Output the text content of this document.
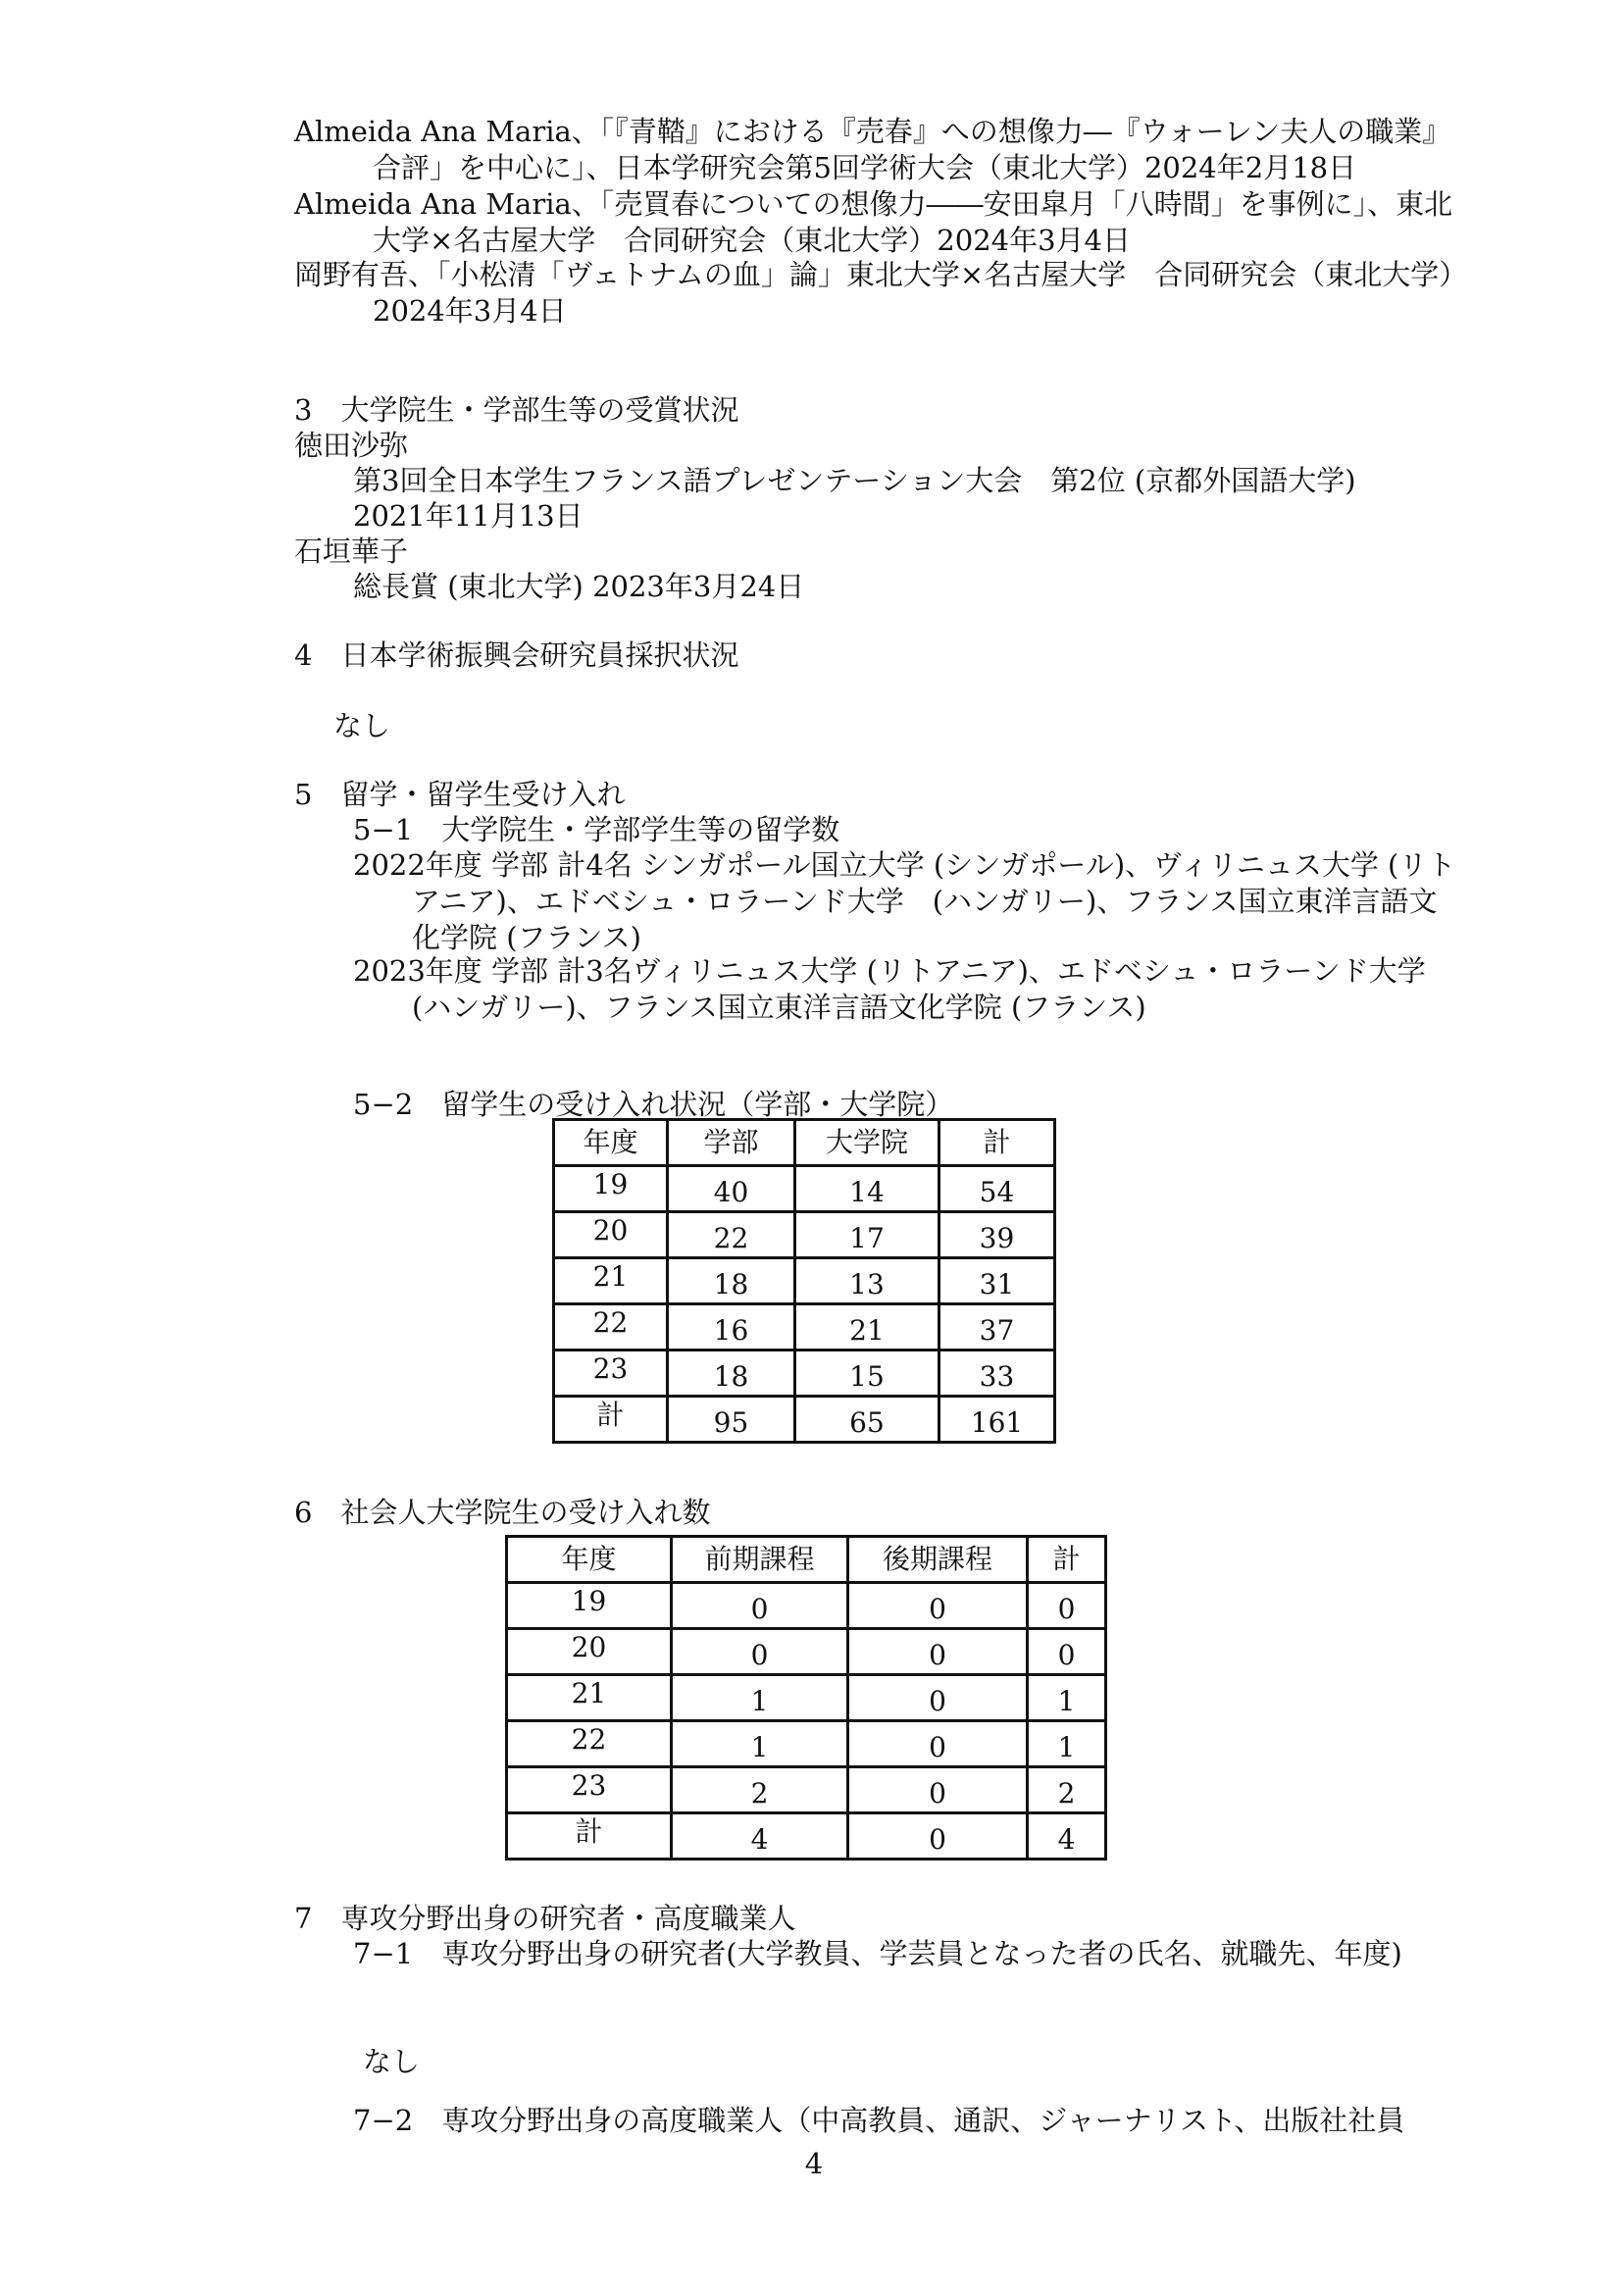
Almeida Ana Maria、「『青鞜』における『売春』への想像力―『ウォーレン夫人の職業』合評」を中心に」、日本学研究会第5回学術大会（東北大学）2024年2月18日
Almeida Ana Maria、「売買春についての想像力――安田皐月「八時間」を事例に」、東北大学×名古屋大学　合同研究会（東北大学）2024年3月4日
岡野有吾、「小松清「ヴェトナムの血」論」東北大学×名古屋大学　合同研究会（東北大学）2024年3月4日
3　大学院生・学部生等の受賞状況
徳田沙弥
第3回全日本学生フランス語プレゼンテーション大会　第2位 (京都外国語大学)
2021年11月13日
石垣華子
総長賞 (東北大学) 2023年3月24日
4　日本学術振興会研究員採択状況
なし
5　留学・留学生受け入れ
5−1　大学院生・学部学生等の留学数
2022年度 学部 計4名 シンガポール国立大学 (シンガポール)、ヴィリニュス大学 (リトアニア)、エドベシュ・ロラーンド大学　(ハンガリー)、フランス国立東洋言語文化学院 (フランス)
2023年度 学部 計3名ヴィリニュス大学 (リトアニア)、エドベシュ・ロラーンド大学 (ハンガリー)、フランス国立東洋言語文化学院 (フランス)
5−2　留学生の受け入れ状況（学部・大学院）
年度	学部	大学院	計
19	40	14	54
20	22	17	39
21	18	13	31
22	16	21	37
23	18	15	33
計	95	65	161
6　社会人大学院生の受け入れ数
年度	前期課程	後期課程	計
19	0	0	0
20	0	0	0
21	1	0	1
22	1	0	1
23	2	0	2
計	4	0	4
7　専攻分野出身の研究者・高度職業人
7−1　専攻分野出身の研究者(大学教員、学芸員となった者の氏名、就職先、年度)
なし
7−2　専攻分野出身の高度職業人（中高教員、通訳、ジャーナリスト、出版社社員
4
